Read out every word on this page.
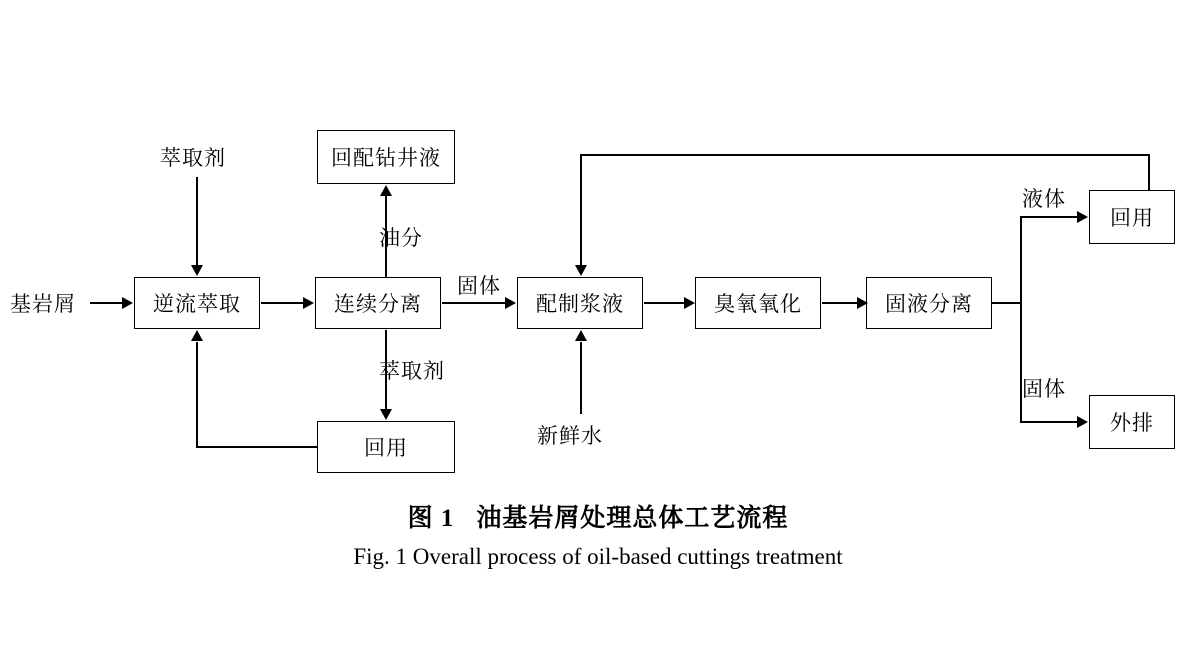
逆流萃取	连续分离
回配钻井液
回用
配制浆液	臭氧氧化	固液分离
回用
外排
基岩屑
萃取剂
油分
萃取剂
固体
新鲜水
液体
固体
图 1 油基岩屑处理总体工艺流程
Fig. 1 Overall process of oil-based cuttings treatment
